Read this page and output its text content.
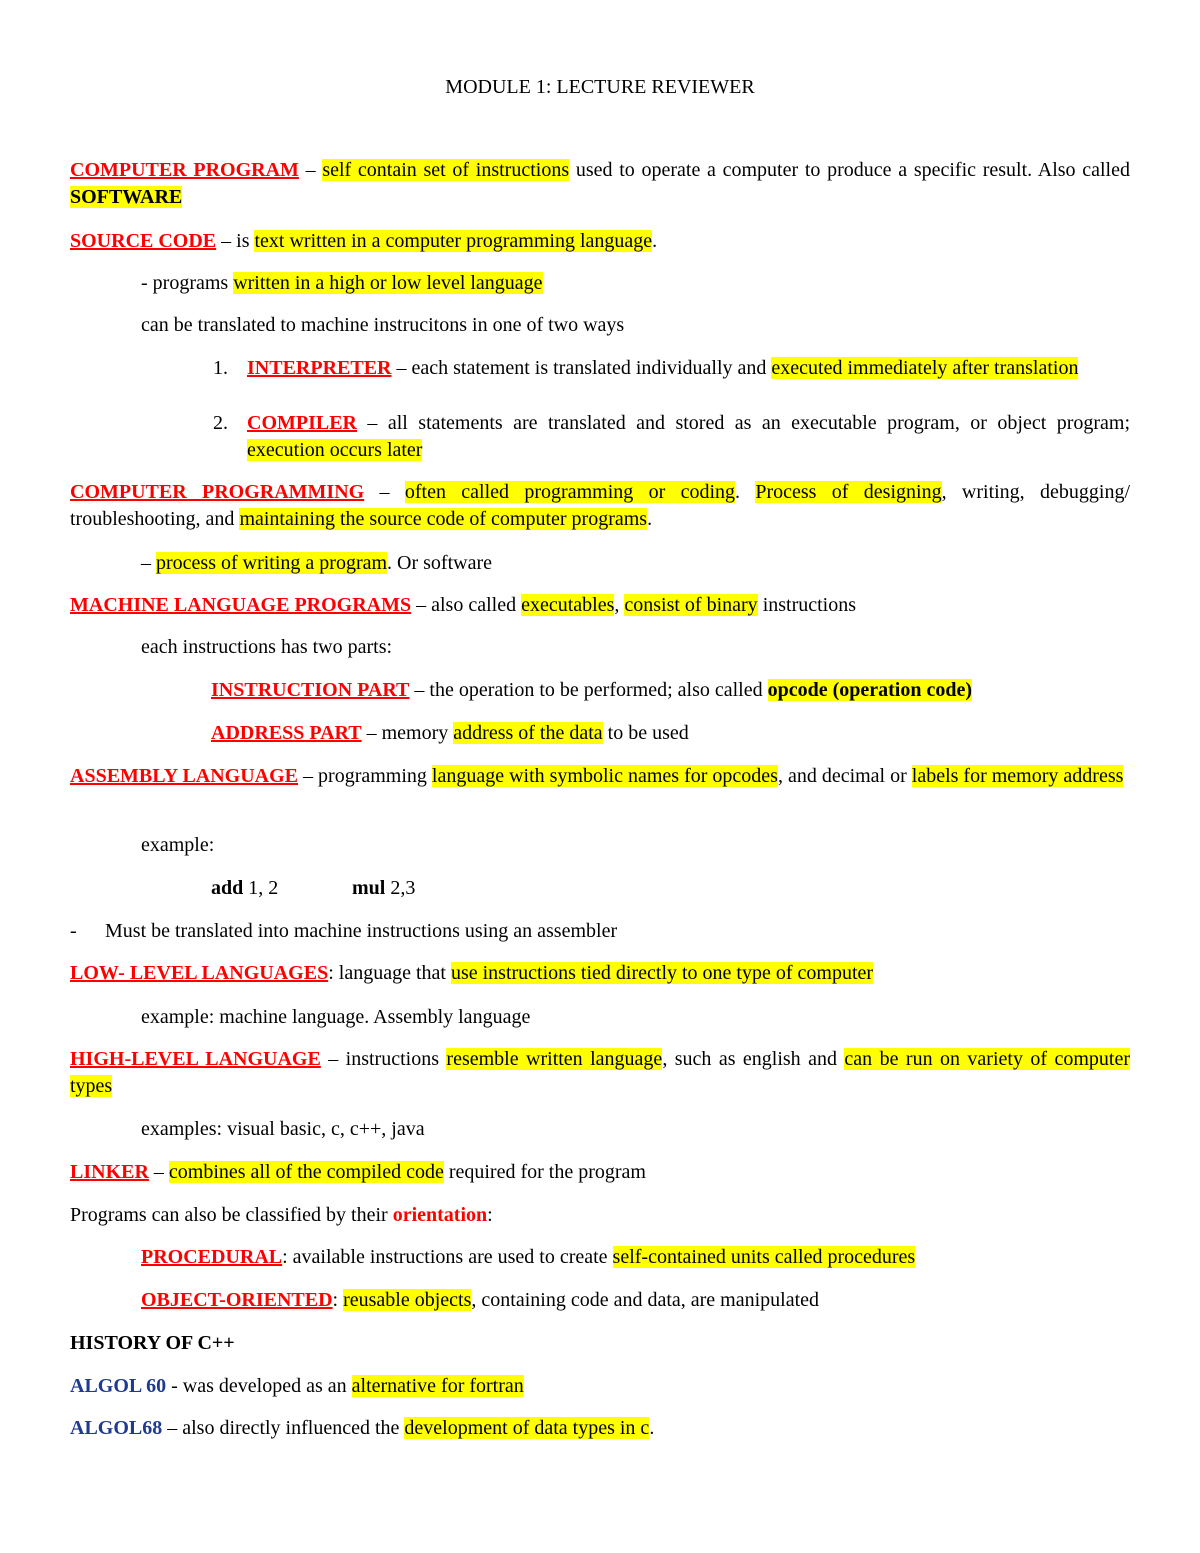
MODULE 1: LECTURE REVIEWER
COMPUTER PROGRAM – self contain set of instructions used to operate a computer to produce a specific result. Also called SOFTWARE
SOURCE CODE – is text written in a computer programming language.
- programs written in a high or low level language
can be translated to machine instrucitons in one of two ways
1. INTERPRETER – each statement is translated individually and executed immediately after translation
2. COMPILER – all statements are translated and stored as an executable program, or object program; execution occurs later
COMPUTER PROGRAMMING – often called programming or coding. Process of designing, writing, debugging/ troubleshooting, and maintaining the source code of computer programs.
– process of writing a program. Or software
MACHINE LANGUAGE PROGRAMS – also called executables, consist of binary instructions
each instructions has two parts:
INSTRUCTION PART – the operation to be performed; also called opcode (operation code)
ADDRESS PART – memory address of the data to be used
ASSEMBLY LANGUAGE – programming language with symbolic names for opcodes, and decimal or labels for memory address
example:
add 1, 2	mul 2,3
- Must be translated into machine instructions using an assembler
LOW- LEVEL LANGUAGES: language that use instructions tied directly to one type of computer
example: machine language. Assembly language
HIGH-LEVEL LANGUAGE – instructions resemble written language, such as english and can be run on variety of computer types
examples: visual basic, c, c++, java
LINKER – combines all of the compiled code required for the program
Programs can also be classified by their orientation:
PROCEDURAL: available instructions are used to create self-contained units called procedures
OBJECT-ORIENTED: reusable objects, containing code and data, are manipulated
HISTORY OF C++
ALGOL 60 - was developed as an alternative for fortran
ALGOL68 – also directly influenced the development of data types in c.
